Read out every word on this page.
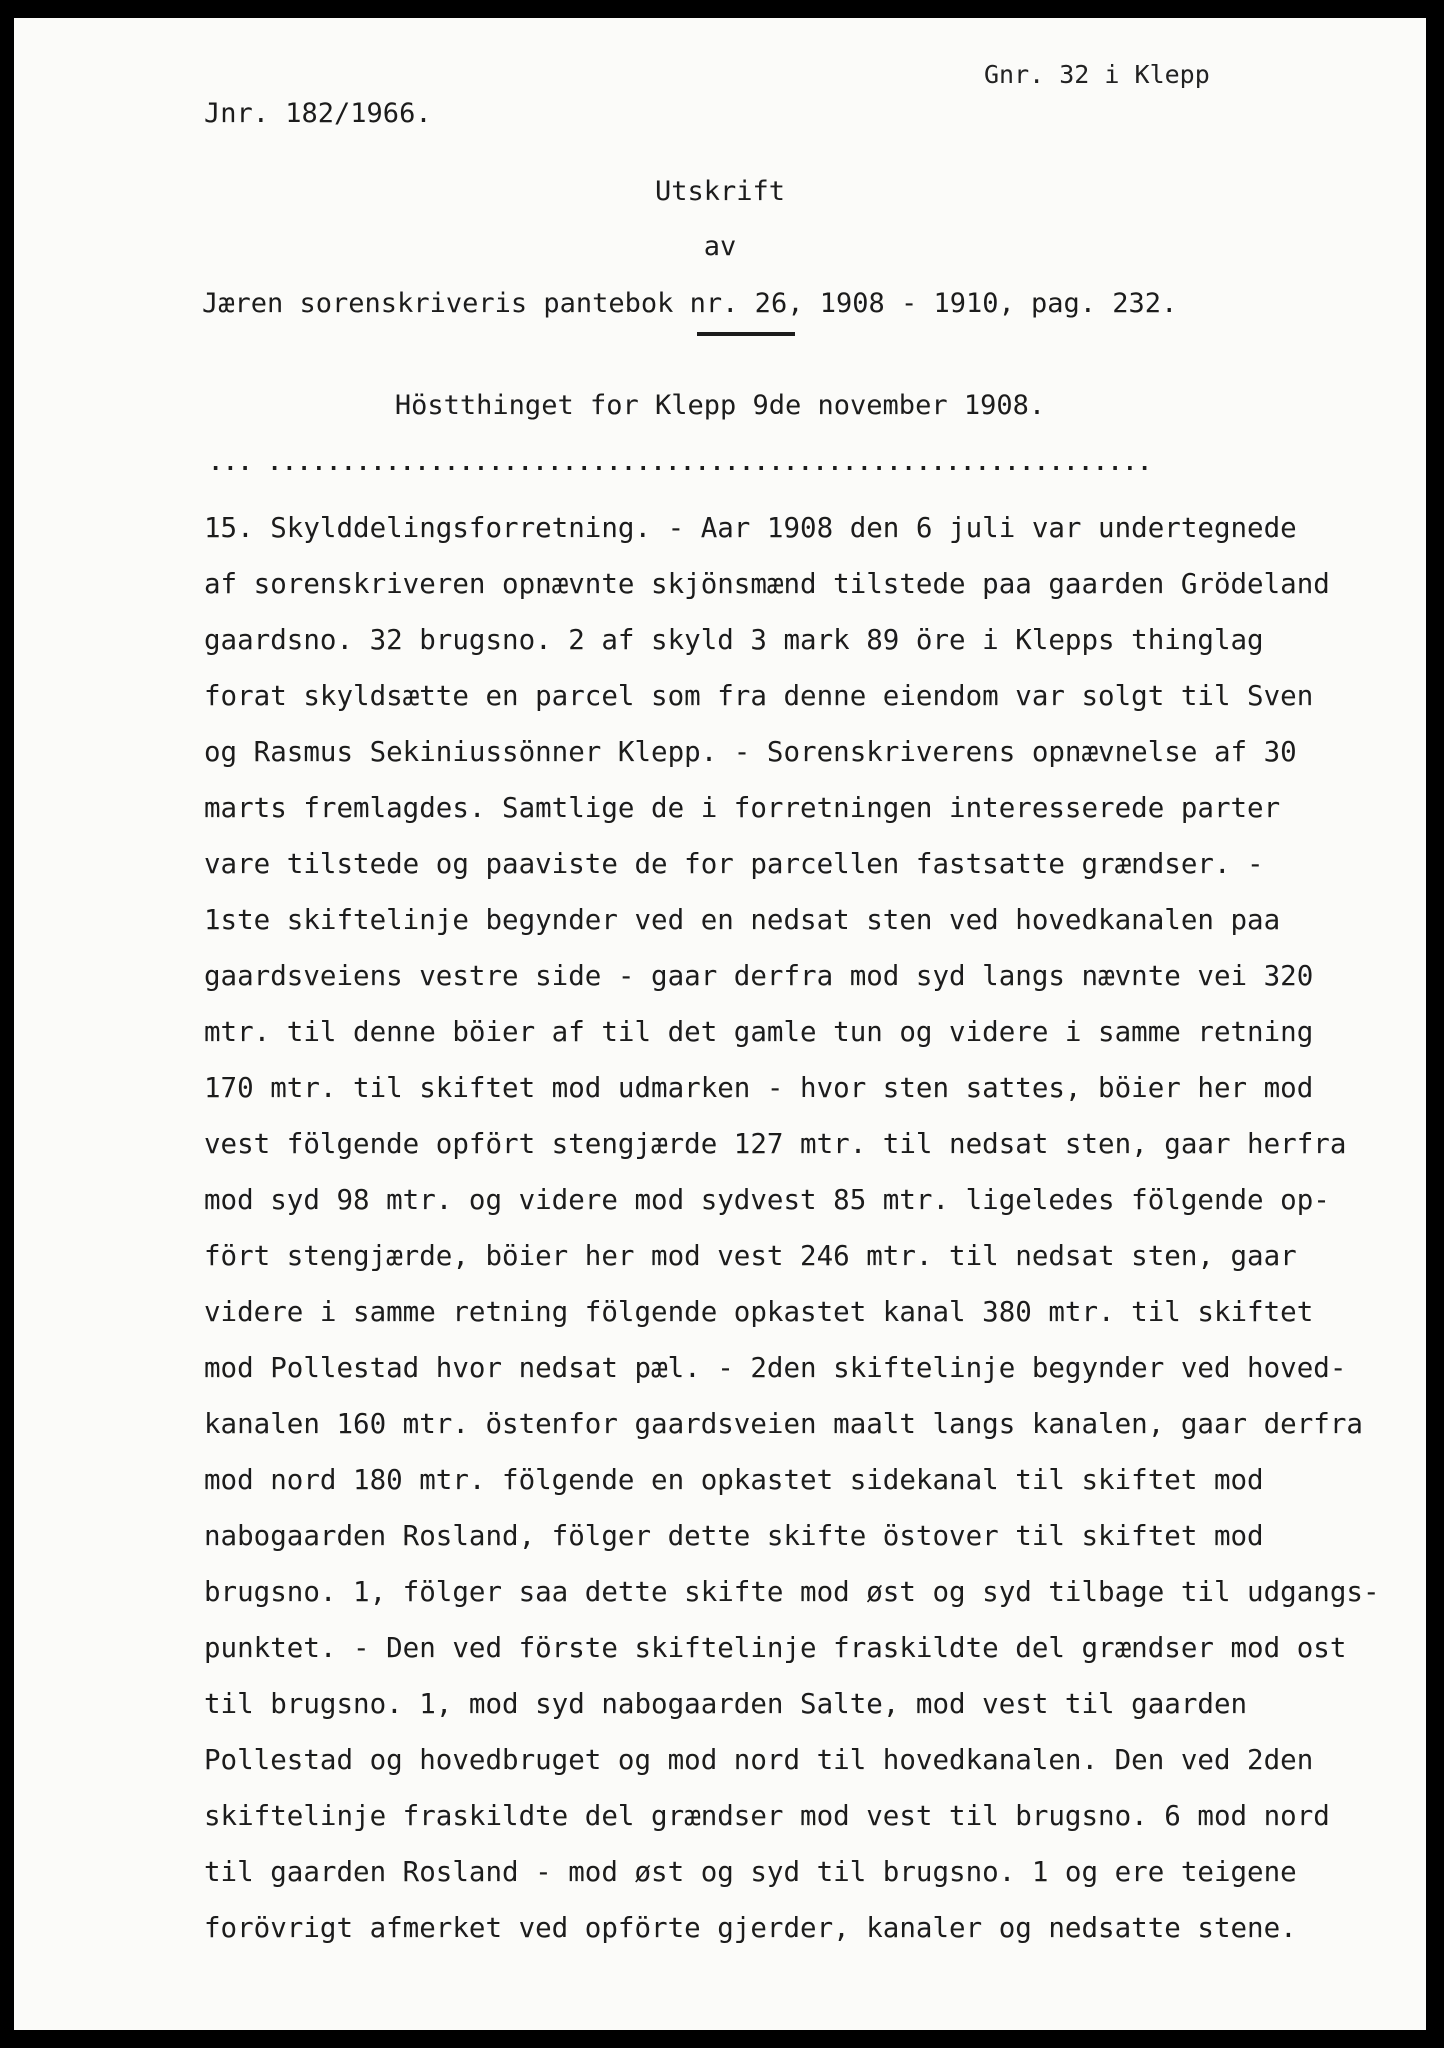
Gnr. 32 i Klepp
Jnr. 182/1966.
Utskrift
av
Jæren sorenskriveris pantebok nr. 26, 1908 - 1910, pag. 232.
Höstthinget for Klepp 9de november 1908.
... ............................................................
15. Skylddelingsforretning. - Aar 1908 den 6 juli var undertegnede
af sorenskriveren opnævnte skjönsmænd tilstede paa gaarden Grödeland
gaardsno. 32 brugsno. 2 af skyld 3 mark 89 öre i Klepps thinglag
forat skyldsætte en parcel som fra denne eiendom var solgt til Sven
og Rasmus Sekiniussönner Klepp. - Sorenskriverens opnævnelse af 30
marts fremlagdes. Samtlige de i forretningen interesserede parter
vare tilstede og paaviste de for parcellen fastsatte grændser. -
1ste skiftelinje begynder ved en nedsat sten ved hovedkanalen paa
gaardsveiens vestre side - gaar derfra mod syd langs nævnte vei 320
mtr. til denne böier af til det gamle tun og videre i samme retning
170 mtr. til skiftet mod udmarken - hvor sten sattes, böier her mod
vest fölgende opfört stengjærde 127 mtr. til nedsat sten, gaar herfra
mod syd 98 mtr. og videre mod sydvest 85 mtr. ligeledes fölgende op-
fört stengjærde, böier her mod vest 246 mtr. til nedsat sten, gaar
videre i samme retning fölgende opkastet kanal 380 mtr. til skiftet
mod Pollestad hvor nedsat pæl. - 2den skiftelinje begynder ved hoved-
kanalen 160 mtr. östenfor gaardsveien maalt langs kanalen, gaar derfra
mod nord 180 mtr. fölgende en opkastet sidekanal til skiftet mod
nabogaarden Rosland, fölger dette skifte östover til skiftet mod
brugsno. 1, fölger saa dette skifte mod øst og syd tilbage til udgangs-
punktet. - Den ved förste skiftelinje fraskildte del grændser mod ost
til brugsno. 1, mod syd nabogaarden Salte, mod vest til gaarden
Pollestad og hovedbruget og mod nord til hovedkanalen. Den ved 2den
skiftelinje fraskildte del grændser mod vest til brugsno. 6 mod nord
til gaarden Rosland - mod øst og syd til brugsno. 1 og ere teigene
forövrigt afmerket ved opförte gjerder, kanaler og nedsatte stene.
